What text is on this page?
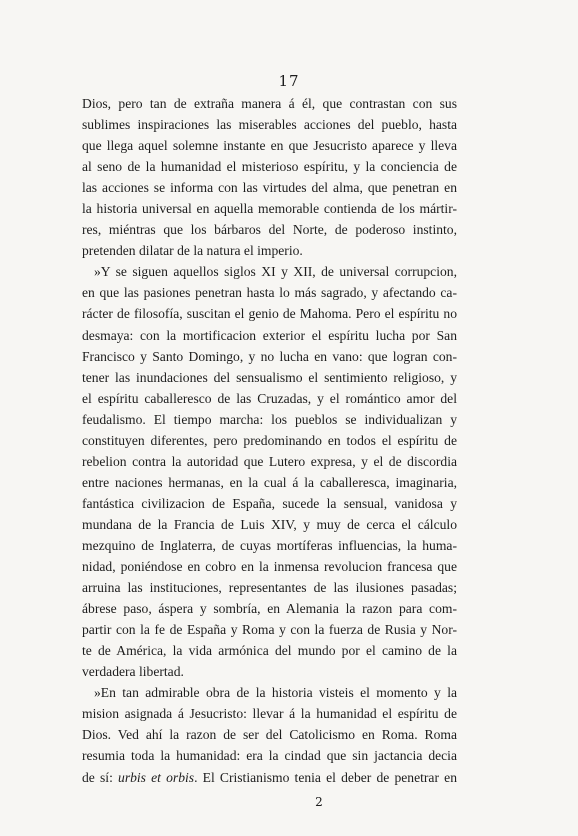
17
Dios, pero tan de extraña manera á él, que contrastan con sus
sublimes inspiraciones las miserables acciones del pueblo, hasta
que llega aquel solemne instante en que Jesucristo aparece y lleva
al seno de la humanidad el misterioso espíritu, y la conciencia de
las acciones se informa con las virtudes del alma, que penetran en
la historia universal en aquella memorable contienda de los mártir-
res, miéntras que los bárbaros del Norte, de poderoso instinto,
pretenden dilatar de la natura el imperio.
»Y se siguen aquellos siglos XI y XII, de universal corrupcion,
en que las pasiones penetran hasta lo más sagrado, y afectando ca-
rácter de filosofía, suscitan el genio de Mahoma. Pero el espíritu no
desmaya: con la mortificacion exterior el espíritu lucha por San
Francisco y Santo Domingo, y no lucha en vano: que logran con-
tener las inundaciones del sensualismo el sentimiento religioso, y
el espíritu caballeresco de las Cruzadas, y el romántico amor del
feudalismo. El tiempo marcha: los pueblos se individualizan y
constituyen diferentes, pero predominando en todos el espíritu de
rebelion contra la autoridad que Lutero expresa, y el de discordia
entre naciones hermanas, en la cual á la caballeresca, imaginaria,
fantástica civilizacion de España, sucede la sensual, vanidosa y
mundana de la Francia de Luis XIV, y muy de cerca el cálculo
mezquino de Inglaterra, de cuyas mortíferas influencias, la huma-
nidad, poniéndose en cobro en la inmensa revolucion francesa que
arruina las instituciones, representantes de las ilusiones pasadas;
ábrese paso, áspera y sombría, en Alemania la razon para com-
partir con la fe de España y Roma y con la fuerza de Rusia y Nor-
te de América, la vida armónica del mundo por el camino de la
verdadera libertad.
»En tan admirable obra de la historia visteis el momento y la
mision asignada á Jesucristo: llevar á la humanidad el espíritu de
Dios. Ved ahí la razon de ser del Catolicismo en Roma. Roma
resumia toda la humanidad: era la cindad que sin jactancia decia
de sí: urbis et orbis. El Cristianismo tenia el deber de penetrar en
2
